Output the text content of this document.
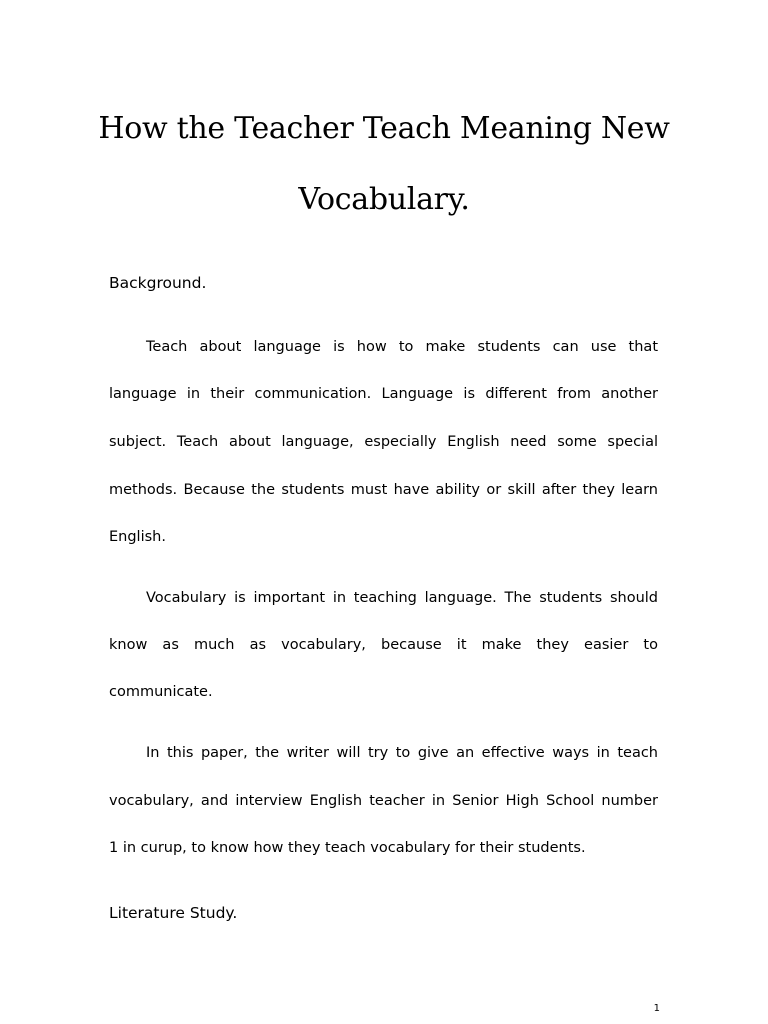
How the Teacher Teach Meaning New
Vocabulary.
Background.

Teach about language is how to make students can use that

language in their communication. Language is different from another

subject. Teach about language, especially English need some special

methods. Because the students must have ability or skill after they learn

English.

Vocabulary is important in teaching language. The students should

know as much as vocabulary, because it make they easier to

communicate.

In this paper, the writer will try to give an effective ways in teach

vocabulary, and interview English teacher in Senior High School number

1 in curup, to know how they teach vocabulary for their students.

Literature Study.
1
